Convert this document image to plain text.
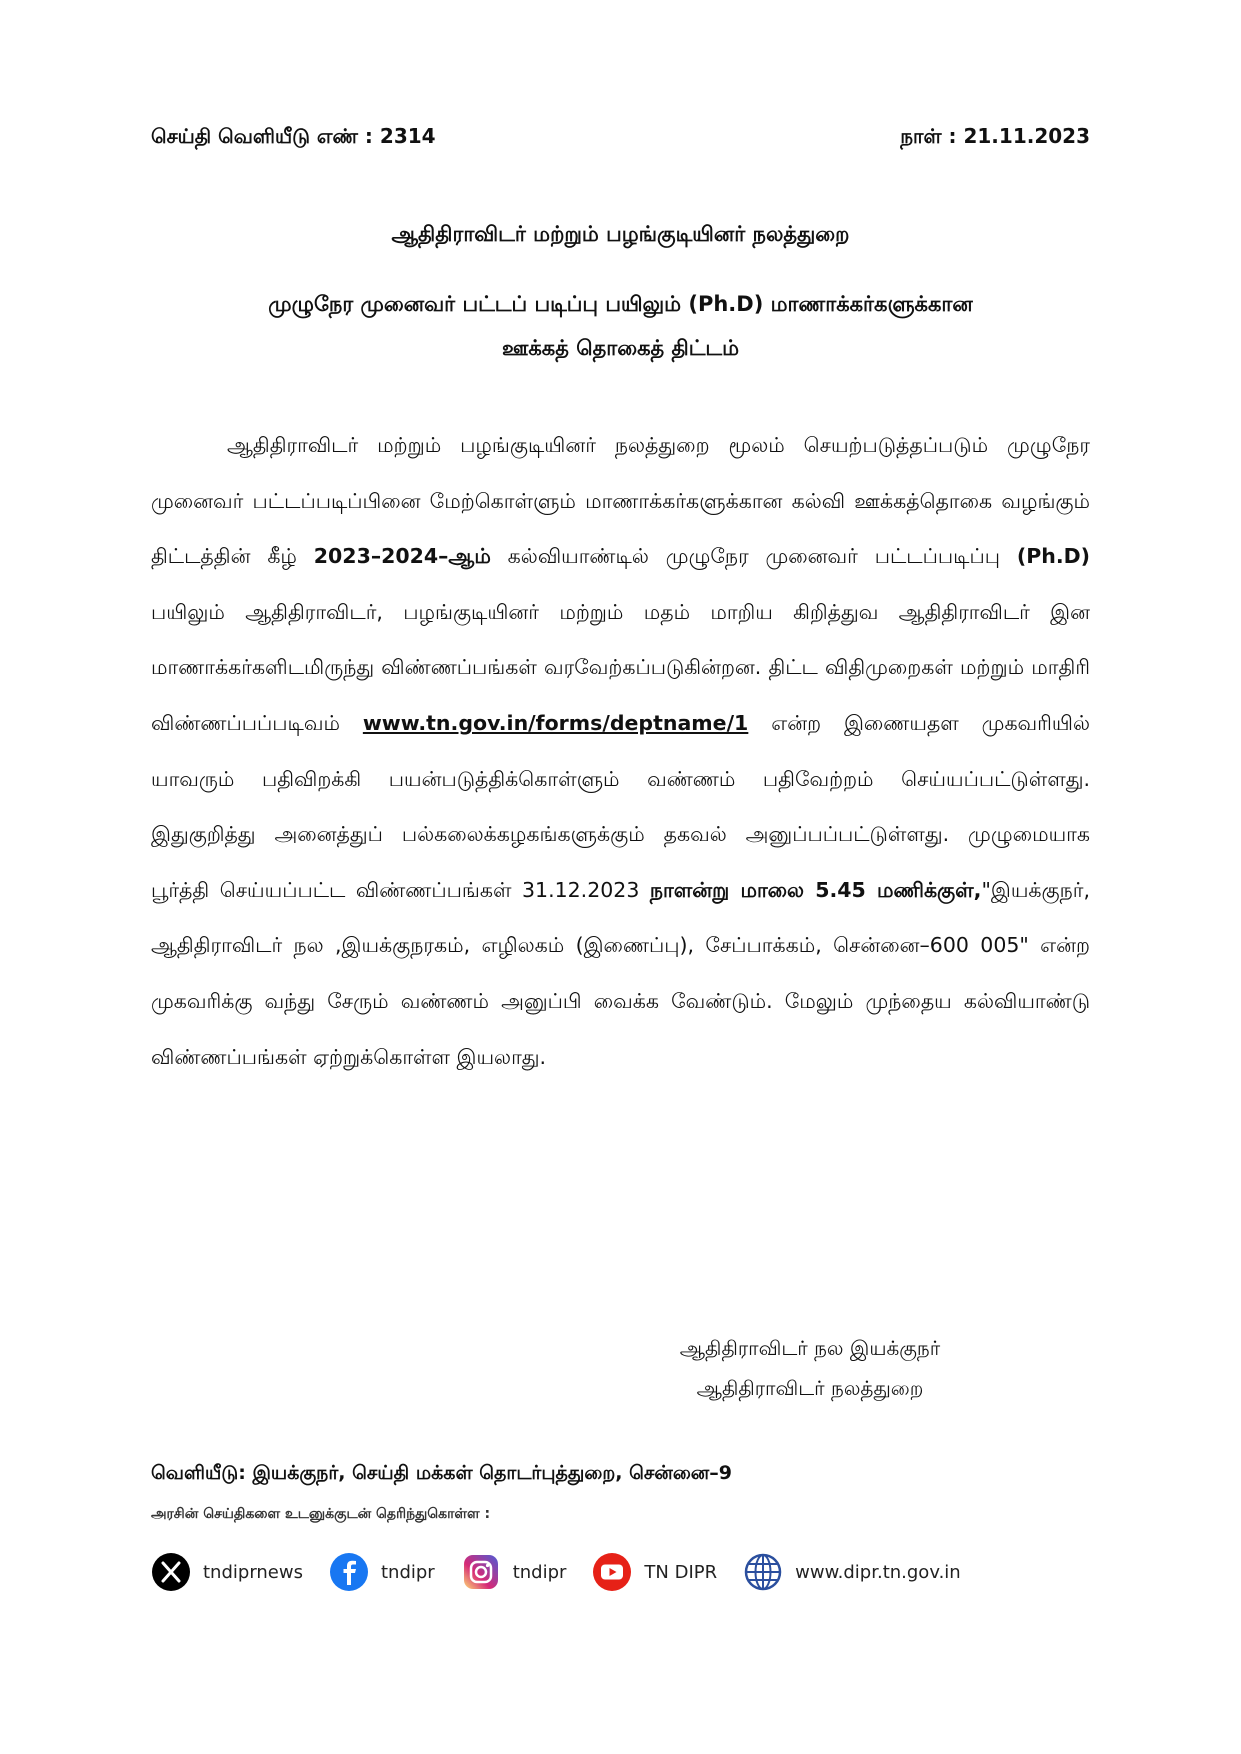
செய்தி வெளியீடு எண் : 2314	நாள் : 21.11.2023
ஆதிதிராவிடர் மற்றும் பழங்குடியினர் நலத்துறை
முழுநேர முனைவர் பட்டப் படிப்பு பயிலும் (Ph.D) மாணாக்கர்களுக்கான
ஊக்கத் தொகைத் திட்டம்

ஆதிதிராவிடர் மற்றும் பழங்குடியினர் நலத்துறை மூலம் செயற்படுத்தப்படும் முழுநேர முனைவர் பட்டப்படிப்பினை மேற்கொள்ளும் மாணாக்கர்களுக்கான கல்வி ஊக்கத்தொகை வழங்கும் திட்டத்தின் கீழ் 2023–2024–ஆம் கல்வியாண்டில் முழுநேர முனைவர் பட்டப்படிப்பு (Ph.D) பயிலும் ஆதிதிராவிடர், பழங்குடியினர் மற்றும் மதம் மாறிய கிறித்துவ ஆதிதிராவிடர் இன மாணாக்கர்களிடமிருந்து விண்ணப்பங்கள் வரவேற்கப்படுகின்றன. திட்ட விதிமுறைகள் மற்றும் மாதிரி விண்ணப்பப்படிவம் www.tn.gov.in/forms/deptname/1 என்ற இணையதள முகவரியில் யாவரும் பதிவிறக்கி பயன்படுத்திக்கொள்ளும் வண்ணம் பதிவேற்றம் செய்யப்பட்டுள்ளது. இதுகுறித்து அனைத்துப் பல்கலைக்கழகங்களுக்கும் தகவல் அனுப்பப்பட்டுள்ளது. முழுமையாக பூர்த்தி செய்யப்பட்ட விண்ணப்பங்கள் 31.12.2023 நாளன்று மாலை 5.45 மணிக்குள்,"இயக்குநர், ஆதிதிராவிடர் நல ,இயக்குநரகம், எழிலகம் (இணைப்பு), சேப்பாக்கம், சென்னை–600 005" என்ற முகவரிக்கு வந்து சேரும் வண்ணம் அனுப்பி வைக்க வேண்டும். மேலும் முந்தைய கல்வியாண்டு விண்ணப்பங்கள் ஏற்றுக்கொள்ள இயலாது.

ஆதிதிராவிடர் நல இயக்குநர்
ஆதிதிராவிடர் நலத்துறை
வெளியீடு: இயக்குநர், செய்தி மக்கள் தொடர்புத்துறை, சென்னை–9
அரசின் செய்திகளை உடனுக்குடன் தெரிந்துகொள்ள :
tndiprnews	tndipr	tndipr	TN DIPR	www.dipr.tn.gov.in
